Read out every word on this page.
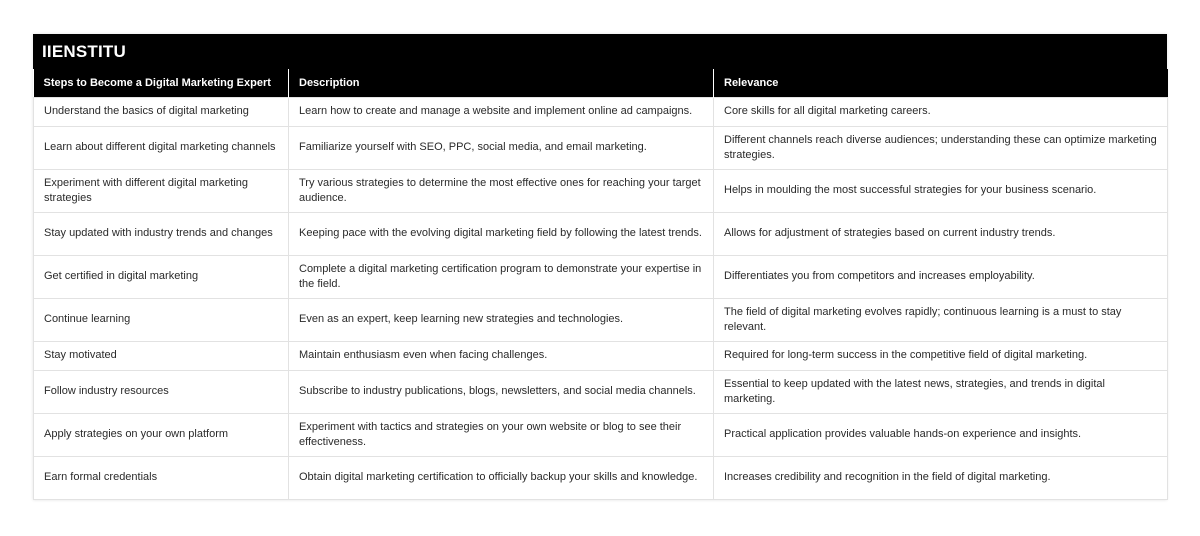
IIENSTITU
Steps to Become a Digital Marketing Expert	Description	Relevance
Understand the basics of digital marketing	Learn how to create and manage a website and implement online ad campaigns.	Core skills for all digital marketing careers.
Learn about different digital marketing channels	Familiarize yourself with SEO, PPC, social media, and email marketing.	Different channels reach diverse audiences; understanding these can optimize marketing strategies.
Experiment with different digital marketing strategies	Try various strategies to determine the most effective ones for reaching your target audience.	Helps in moulding the most successful strategies for your business scenario.
Stay updated with industry trends and changes	Keeping pace with the evolving digital marketing field by following the latest trends.	Allows for adjustment of strategies based on current industry trends.
Get certified in digital marketing	Complete a digital marketing certification program to demonstrate your expertise in the field.	Differentiates you from competitors and increases employability.
Continue learning	Even as an expert, keep learning new strategies and technologies.	The field of digital marketing evolves rapidly; continuous learning is a must to stay relevant.
Stay motivated	Maintain enthusiasm even when facing challenges.	Required for long-term success in the competitive field of digital marketing.
Follow industry resources	Subscribe to industry publications, blogs, newsletters, and social media channels.	Essential to keep updated with the latest news, strategies, and trends in digital marketing.
Apply strategies on your own platform	Experiment with tactics and strategies on your own website or blog to see their effectiveness.	Practical application provides valuable hands-on experience and insights.
Earn formal credentials	Obtain digital marketing certification to officially backup your skills and knowledge.	Increases credibility and recognition in the field of digital marketing.
